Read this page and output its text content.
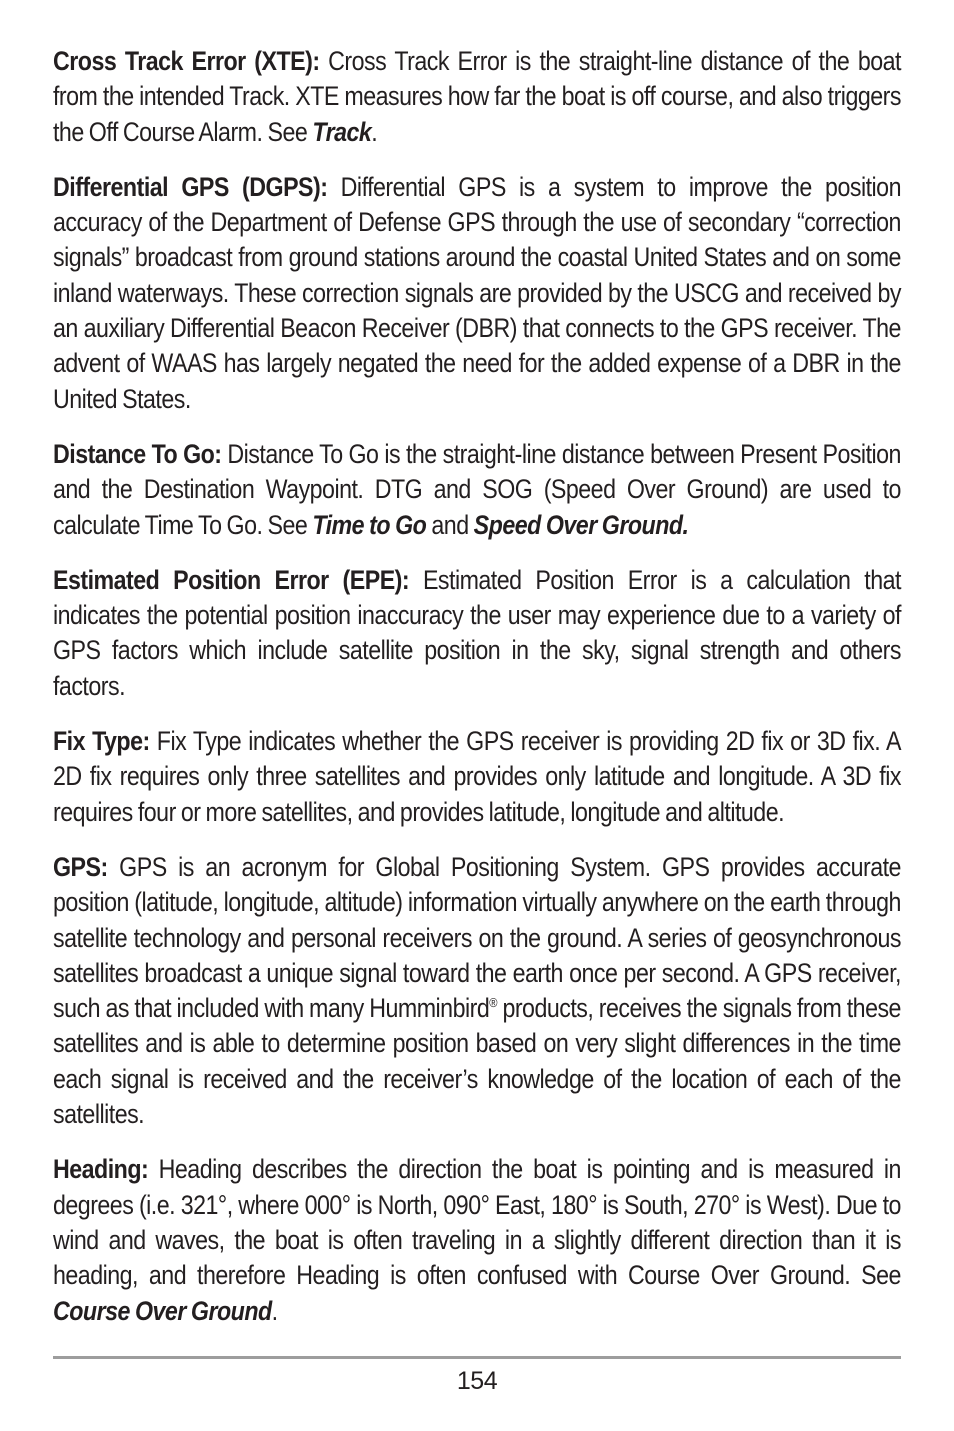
Cross Track Error (XTE): Cross Track Error is the straight-line distance of the boat from the intended Track. XTE measures how far the boat is off course, and also triggers the Off Course Alarm. See Track.

Differential GPS (DGPS): Differential GPS is a system to improve the position accuracy of the Department of Defense GPS through the use of secondary “correction signals” broadcast from ground stations around the coastal United States and on some inland waterways. These correction signals are provided by the USCG and received by an auxiliary Differential Beacon Receiver (DBR) that connects to the GPS receiver. The advent of WAAS has largely negated the need for the added expense of a DBR in the United States.

Distance To Go: Distance To Go is the straight-line distance between Present Position and the Destination Waypoint. DTG and SOG (Speed Over Ground) are used to calculate Time To Go. See Time to Go and Speed Over Ground.

Estimated Position Error (EPE): Estimated Position Error is a calculation that indicates the potential position inaccuracy the user may experience due to a variety of GPS factors which include satellite position in the sky, signal strength and others factors.

Fix Type: Fix Type indicates whether the GPS receiver is providing 2D fix or 3D fix. A 2D fix requires only three satellites and provides only latitude and longitude. A 3D fix requires four or more satellites, and provides latitude, longitude and altitude.

GPS: GPS is an acronym for Global Positioning System. GPS provides accurate position (latitude, longitude, altitude) information virtually anywhere on the earth through satellite technology and personal receivers on the ground. A series of geosynchronous satellites broadcast a unique signal toward the earth once per second. A GPS receiver, such as that included with many Humminbird® products, receives the signals from these satellites and is able to determine position based on very slight differences in the time each signal is received and the receiver’s knowledge of the location of each of the satellites.

Heading: Heading describes the direction the boat is pointing and is measured in degrees (i.e. 321°, where 000° is North, 090° East, 180° is South, 270° is West). Due to wind and waves, the boat is often traveling in a slightly different direction than it is heading, and therefore Heading is often confused with Course Over Ground. See Course Over Ground.

154
